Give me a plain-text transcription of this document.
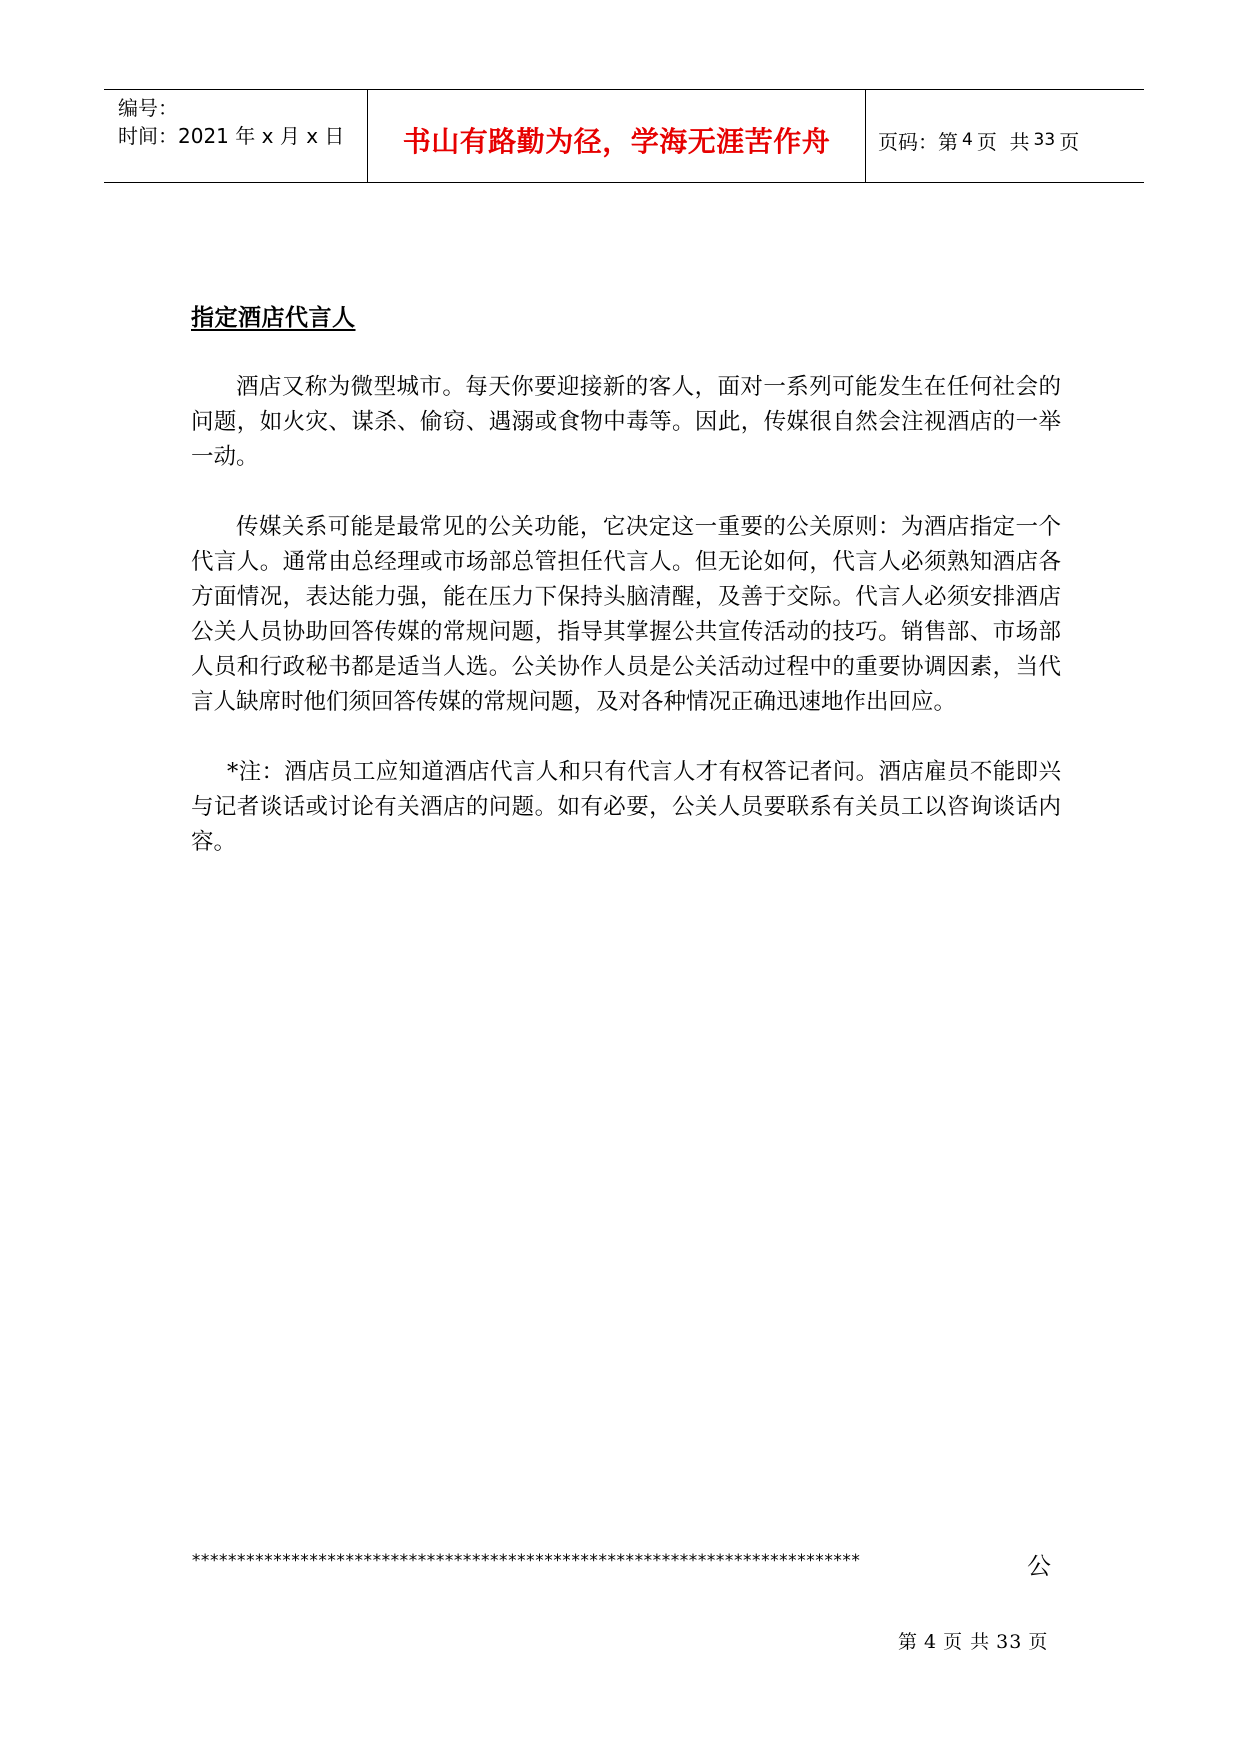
编号：
时间：2021 年 x 月 x 日	书山有路勤为径，学海无涯苦作舟 页码：第 4 页  共 33 页
指定酒店代言人

酒店又称为微型城市。每天你要迎接新的客人，面对一系列可能发生在任何社会的问题，如火灾、谋杀、偷窃、遇溺或食物中毒等。因此，传媒很自然会注视酒店的一举一动。

传媒关系可能是最常见的公关功能，它决定这一重要的公关原则：为酒店指定一个代言人。通常由总经理或市场部总管担任代言人。但无论如何，代言人必须熟知酒店各方面情况，表达能力强，能在压力下保持头脑清醒，及善于交际。代言人必须安排酒店公关人员协助回答传媒的常规问题，指导其掌握公共宣传活动的技巧。销售部、市场部人员和行政秘书都是适当人选。公关协作人员是公关活动过程中的重要协调因素，当代言人缺席时他们须回答传媒的常规问题，及对各种情况正确迅速地作出回应。

*注：酒店员工应知道酒店代言人和只有代言人才有权答记者问。酒店雇员不能即兴与记者谈话或讨论有关酒店的问题。如有必要，公关人员要联系有关员工以咨询谈话内容。

**************************************************************************	公
第 4 页 共 33 页
